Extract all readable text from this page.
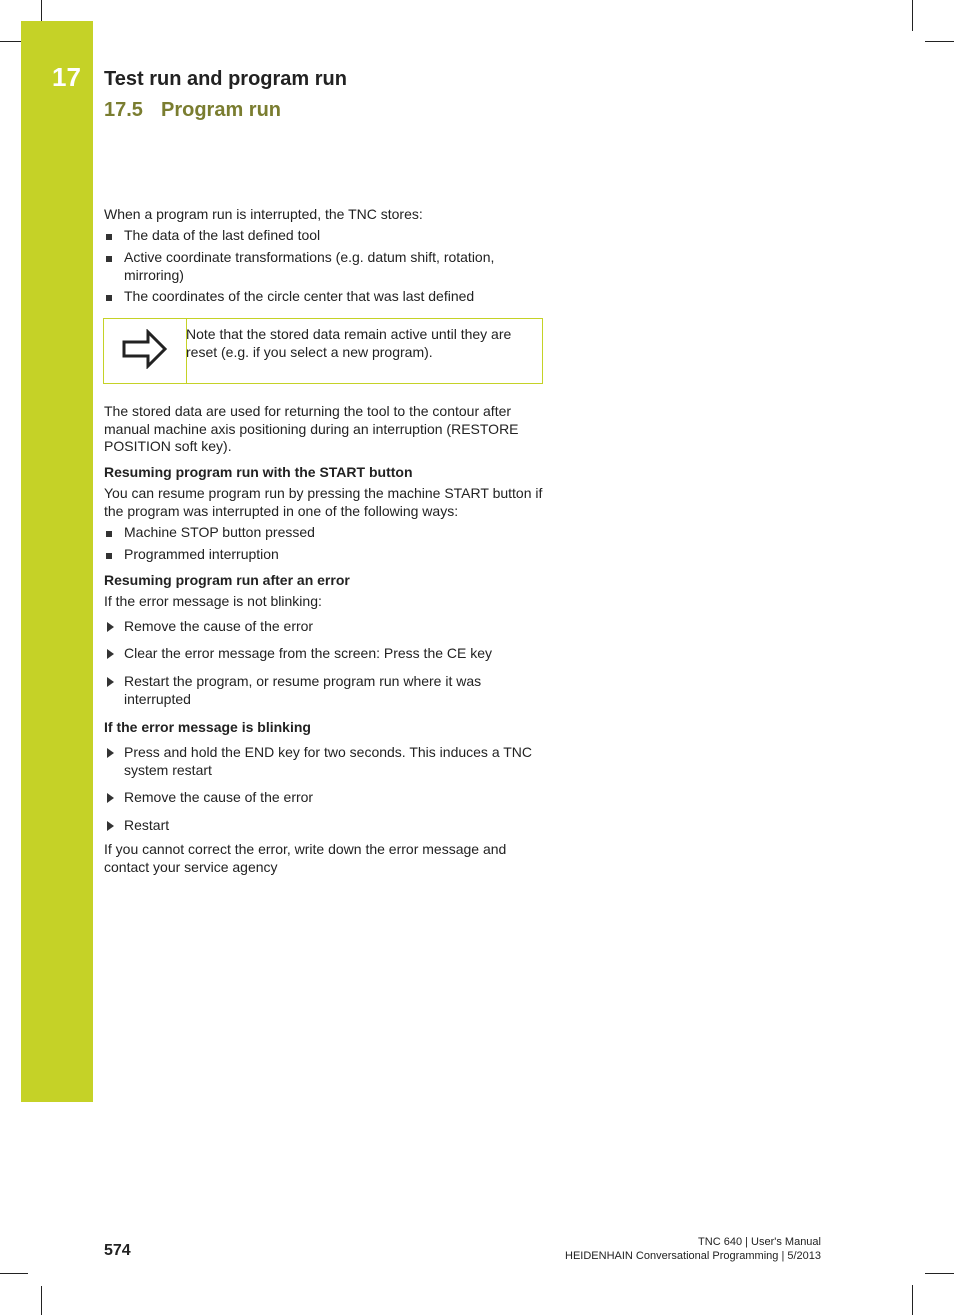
17 Test run and program run
17.5 Program run
When a program run is interrupted, the TNC stores:
The data of the last defined tool
Active coordinate transformations (e.g. datum shift, rotation, mirroring)
The coordinates of the circle center that was last defined
Note that the stored data remain active until they are reset (e.g. if you select a new program).
The stored data are used for returning the tool to the contour after manual machine axis positioning during an interruption (RESTORE POSITION soft key).
Resuming program run with the START button
You can resume program run by pressing the machine START button if the program was interrupted in one of the following ways:
Machine STOP button pressed
Programmed interruption
Resuming program run after an error
If the error message is not blinking:
Remove the cause of the error
Clear the error message from the screen: Press the CE key
Restart the program, or resume program run where it was interrupted
If the error message is blinking
Press and hold the END key for two seconds. This induces a TNC system restart
Remove the cause of the error
Restart
If you cannot correct the error, write down the error message and contact your service agency
574	TNC 640 | User's Manual
HEIDENHAIN Conversational Programming | 5/2013
